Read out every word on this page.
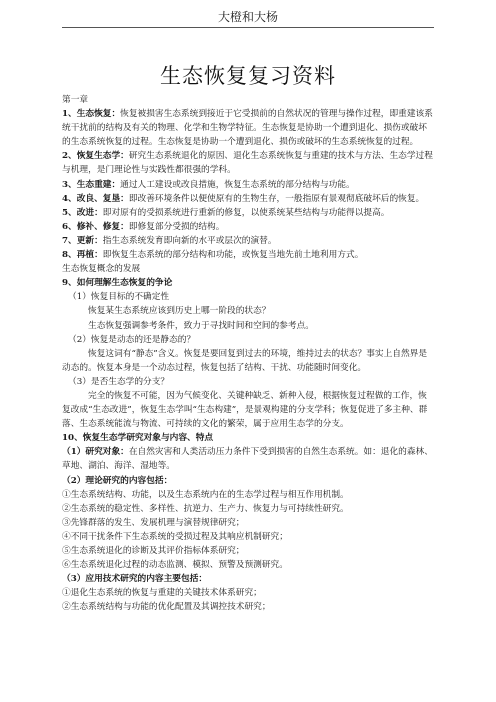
大橙和大杨
生态恢复复习资料

第一章

1、生态恢复：恢复被损害生态系统到接近于它受损前的自然状况的管理与操作过程，即重建该系统干扰前的结构及有关的物理、化学和生物学特征。生态恢复是协助一个遭到退化、损伤或破坏的生态系统恢复的过程。生态恢复是协助一个遭到退化、损伤或破坏的生态系统恢复的过程。

2、恢复生态学：研究生态系统退化的原因、退化生态系统恢复与重建的技术与方法、生态学过程与机理，是门理论性与实践性都很强的学科。

3、生态重建：通过人工建设或改良措施，恢复生态系统的部分结构与功能。

4、改良、复垦：即改善环境条件以便使原有的生物生存，一般指原有景观彻底破坏后的恢复。

5、改进：即对原有的受损系统进行重新的修复，以使系统某些结构与功能得以提高。

6、修补、修复：即修复部分受损的结构。

7、更新：指生态系统发育即向新的水平或层次的演替。

8、再植：即恢复生态系统的部分结构和功能，或恢复当地先前土地利用方式。

生态恢复概念的发展

9、如何理解生态恢复的争论

（1）恢复目标的不确定性

恢复某生态系统应该到历史上哪一阶段的状态？

生态恢复强调参考条件，致力于寻找时间和空间的参考点。

（2）恢复是动态的还是静态的？

恢复这词有“静态”含义。恢复是要回复到过去的环境，维持过去的状态？事实上自然界是动态的。恢复本身是一个动态过程，恢复包括了结构、干扰、功能随时间变化。

（3）是否生态学的分支？

完全的恢复不可能，因为气候变化、关键种缺乏、新种入侵，根据恢复过程做的工作，恢复改成“生态改进”，恢复生态学叫“生态构建”，是景观构建的分支学科；恢复促进了多主种、群落、生态系统能流与物流、可持续的文化的繁荣，属于应用生态学的分支。

10、恢复生态学研究对象与内容、特点

（1）研究对象：在自然灾害和人类活动压力条件下受到损害的自然生态系统。如：退化的森林、草地、湖泊、海洋、湿地等。

（2）理论研究的内容包括：

①生态系统结构、功能，以及生态系统内在的生态学过程与相互作用机制。

②生态系统的稳定性、多样性、抗逆力、生产力、恢复力与可持续性研究。

③先锋群落的发生、发展机理与演替规律研究；

④不同干扰条件下生态系统的受损过程及其响应机制研究；

⑤生态系统退化的诊断及其评价指标体系研究；

⑥生态系统退化过程的动态监测、模拟、预警及预测研究。

（3）应用技术研究的内容主要包括：

①退化生态系统的恢复与重建的关键技术体系研究；

②生态系统结构与功能的优化配置及其调控技术研究；
